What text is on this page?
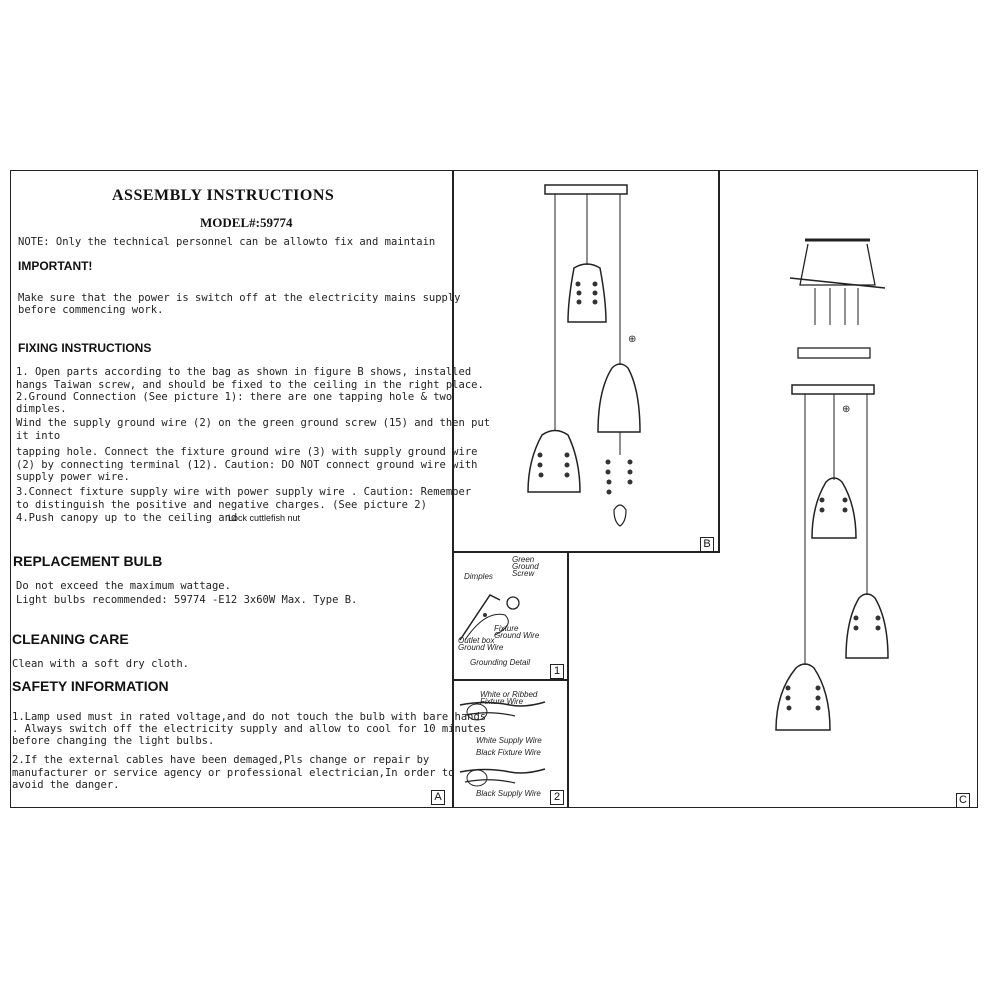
ASSEMBLY INSTRUCTIONS
MODEL#:59774
NOTE: Only the technical personnel can be allowto fix and maintain
IMPORTANT!
Make sure that the power is switch off at the electricity mains supply
before commencing work.
FIXING INSTRUCTIONS
1. Open parts according to the bag as shown in figure B shows, installed
hangs Taiwan screw, and should be fixed to the ceiling in the right place.
2.Ground Connection (See picture 1): there are one tapping hole & two
dimples.
Wind the supply ground wire (2) on the green ground screw (15) and then put
it into
tapping hole. Connect the fixture ground wire (3) with supply ground wire
(2) by connecting terminal (12). Caution: DO NOT connect ground wire with
supply power wire.
3.Connect fixture supply wire with power supply wire . Caution: Remember
to distinguish the positive and negative charges. (See picture 2)
4.Push canopy up to the ceiling and
Lock cuttlefish nut
REPLACEMENT BULB
Do not exceed the maximum wattage.
Light bulbs recommended: 59774 -E12 3x60W Max. Type B.
CLEANING CARE
Clean with a soft dry cloth.
SAFETY INFORMATION
1.Lamp used must in rated voltage,and do not touch the bulb with bare hands
. Always switch off the electricity supply and allow to cool for 10 minutes
before changing the light bulbs.
2.If the external cables have been demaged,Pls change or repair by
manufacturer or service agency or professional electrician,In order to
avoid the danger.
A
B
C
1
2
⊕
⊕
Green
Ground
Screw
Dimples
Fixture
Ground Wire
Outlet box
Ground Wire
Grounding Detail
White or Ribbed
Fixture Wire
White Supply Wire
Black Fixture Wire
Black Supply Wire
